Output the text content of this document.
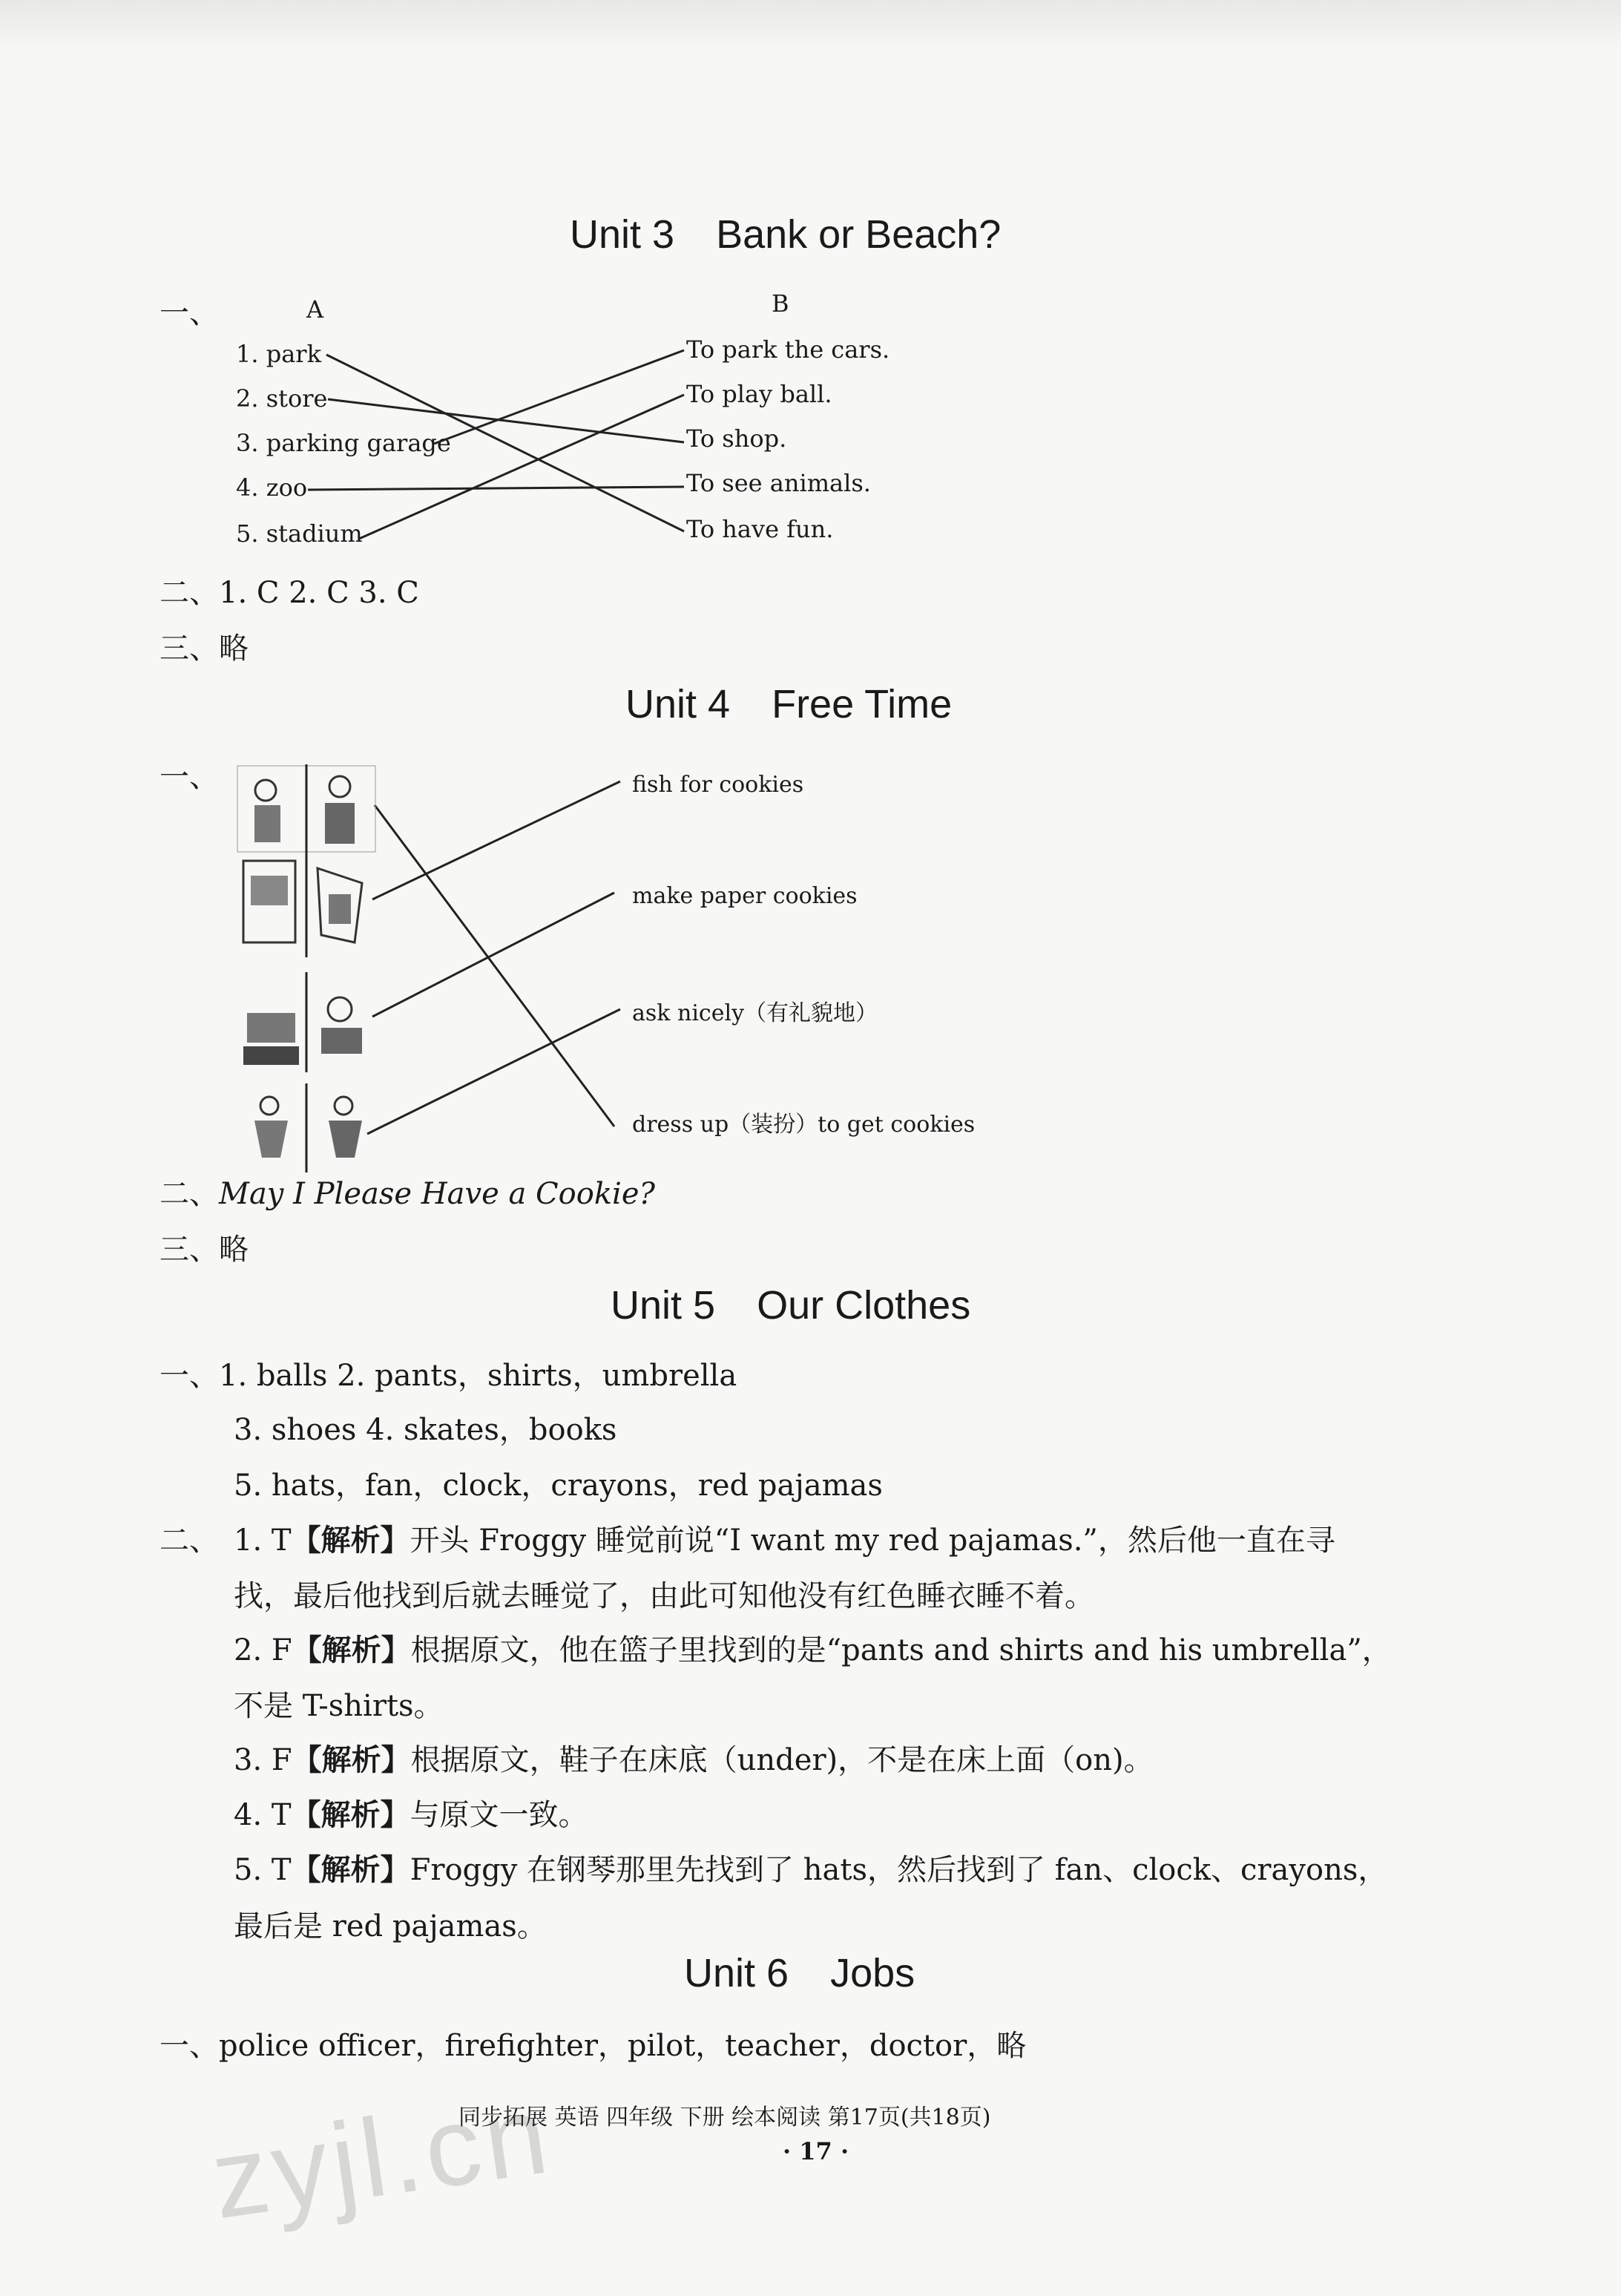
Unit 3 Bank or Beach?
一、	A	B
1. park
2. store
3. parking garage
4. zoo
5. stadium
To park the cars.
To play ball.
To shop.
To see animals.
To have fun.
二、1. C 2. C 3. C
三、略
Unit 4 Free Time
一、	fish for cookies
make paper cookies
ask nicely（有礼貌地）
dress up（装扮）to get cookies
二、May I Please Have a Cookie?
三、略
Unit 5 Our Clothes
一、1. balls 2. pants，shirts，umbrella
3. shoes 4. skates，books
5. hats，fan，clock，crayons，red pajamas
二、 1. T【解析】开头 Froggy 睡觉前说“I want my red pajamas.”，然后他一直在寻
找，最后他找到后就去睡觉了，由此可知他没有红色睡衣睡不着。
2. F【解析】根据原文，他在篮子里找到的是“pants and shirts and his umbrella”，
不是 T-shirts。
3. F【解析】根据原文，鞋子在床底（under)，不是在床上面（on)。
4. T【解析】与原文一致。
5. T【解析】Froggy 在钢琴那里先找到了 hats，然后找到了 fan、clock、crayons，
最后是 red pajamas。
Unit 6 Jobs
一、police officer，firefighter，pilot，teacher，doctor，略
zyjl.cn
同步拓展 英语 四年级 下册 绘本阅读 第17页(共18页)
· 17 ·
